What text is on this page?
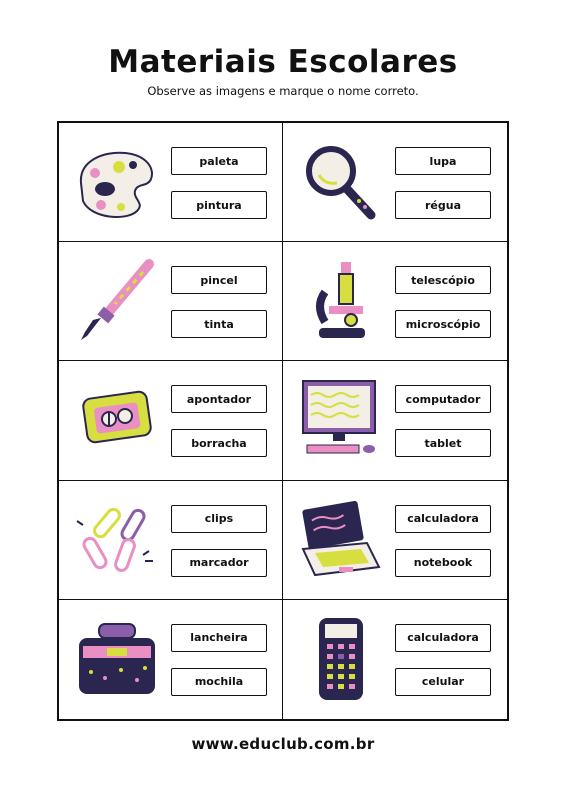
Materiais Escolares
Observe as imagens e marque o nome correto.
paleta
pintura
lupa
régua
pincel
tinta
telescópio
microscópio
apontador
borracha
computador
tablet
clips
marcador
calculadora
notebook
lancheira
mochila
calculadora
celular
www.educlub.com.br
